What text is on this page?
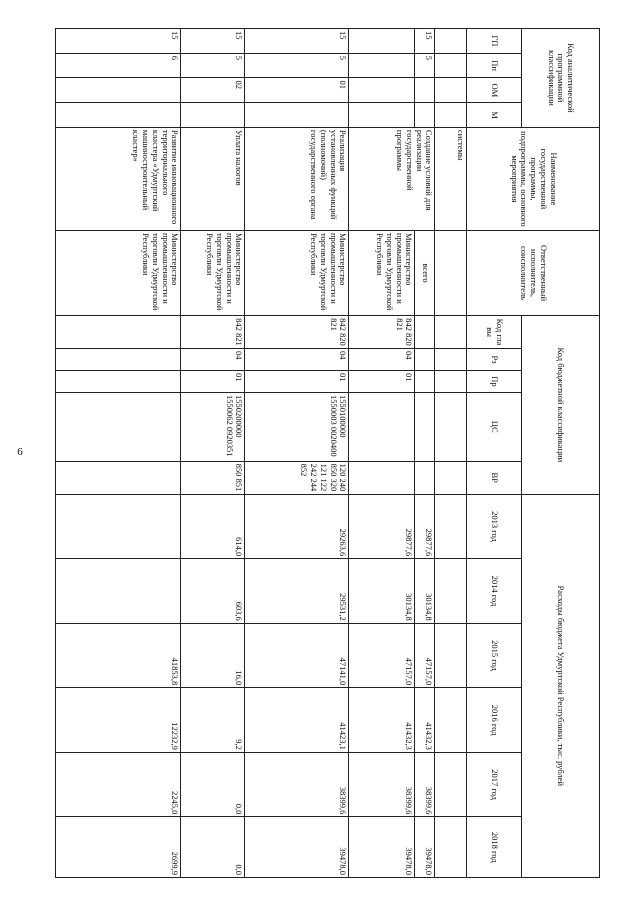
6
Код аналитической программной классификации				Наименование государственной программы, подпрограммы, основного мероприятия	Ответственный исполнитель, соисполнитель	Код бюджетной классификации					Расходы бюджета Удмуртской Республики, тыс. рублей					
ГП	Пп	ОМ	М			Код гла вы	Рз	Пр	ЦС	ВР	2013 год	2014 год	2015 год	2016 год	2017 год	2018 год
				системы												
15	5			Создание условий для реализации государственной программы	всего						29877,6	30134,8	47157,0	41432,3	38399,6	39478,0
					Министерство промышленности и торговли Удмуртской Республики	842 820 821	04	01			29877,6	30134,8	47157,0	41432,3	38399,6	39478,0
15	5	01		Реализация установленных функций (полномочий) государственного органа	Министерство промышленности и торговли Удмуртской Республики	842 820 821	04	01	1550100000 1550003 0020400	120 240 850 320 121 122 242 244 852	29263,6	29531,2	47141,0	41423,1	38399,6	39478,0
15	5	02		Уплата налогов	Министерство промышленности и торговли Удмуртской Республики	842 821	04	01	1550200000 1550062 0920351	850 851	614,0	603,6	16,0	9,2	0,0	0,0
15	6			Развитие инновационного территориального кластера «Удмуртский машиностроительный кластер»	Министерство промышленности и торговли Удмуртской Республики								41853,8	12232,9	2245,0	2699,9
